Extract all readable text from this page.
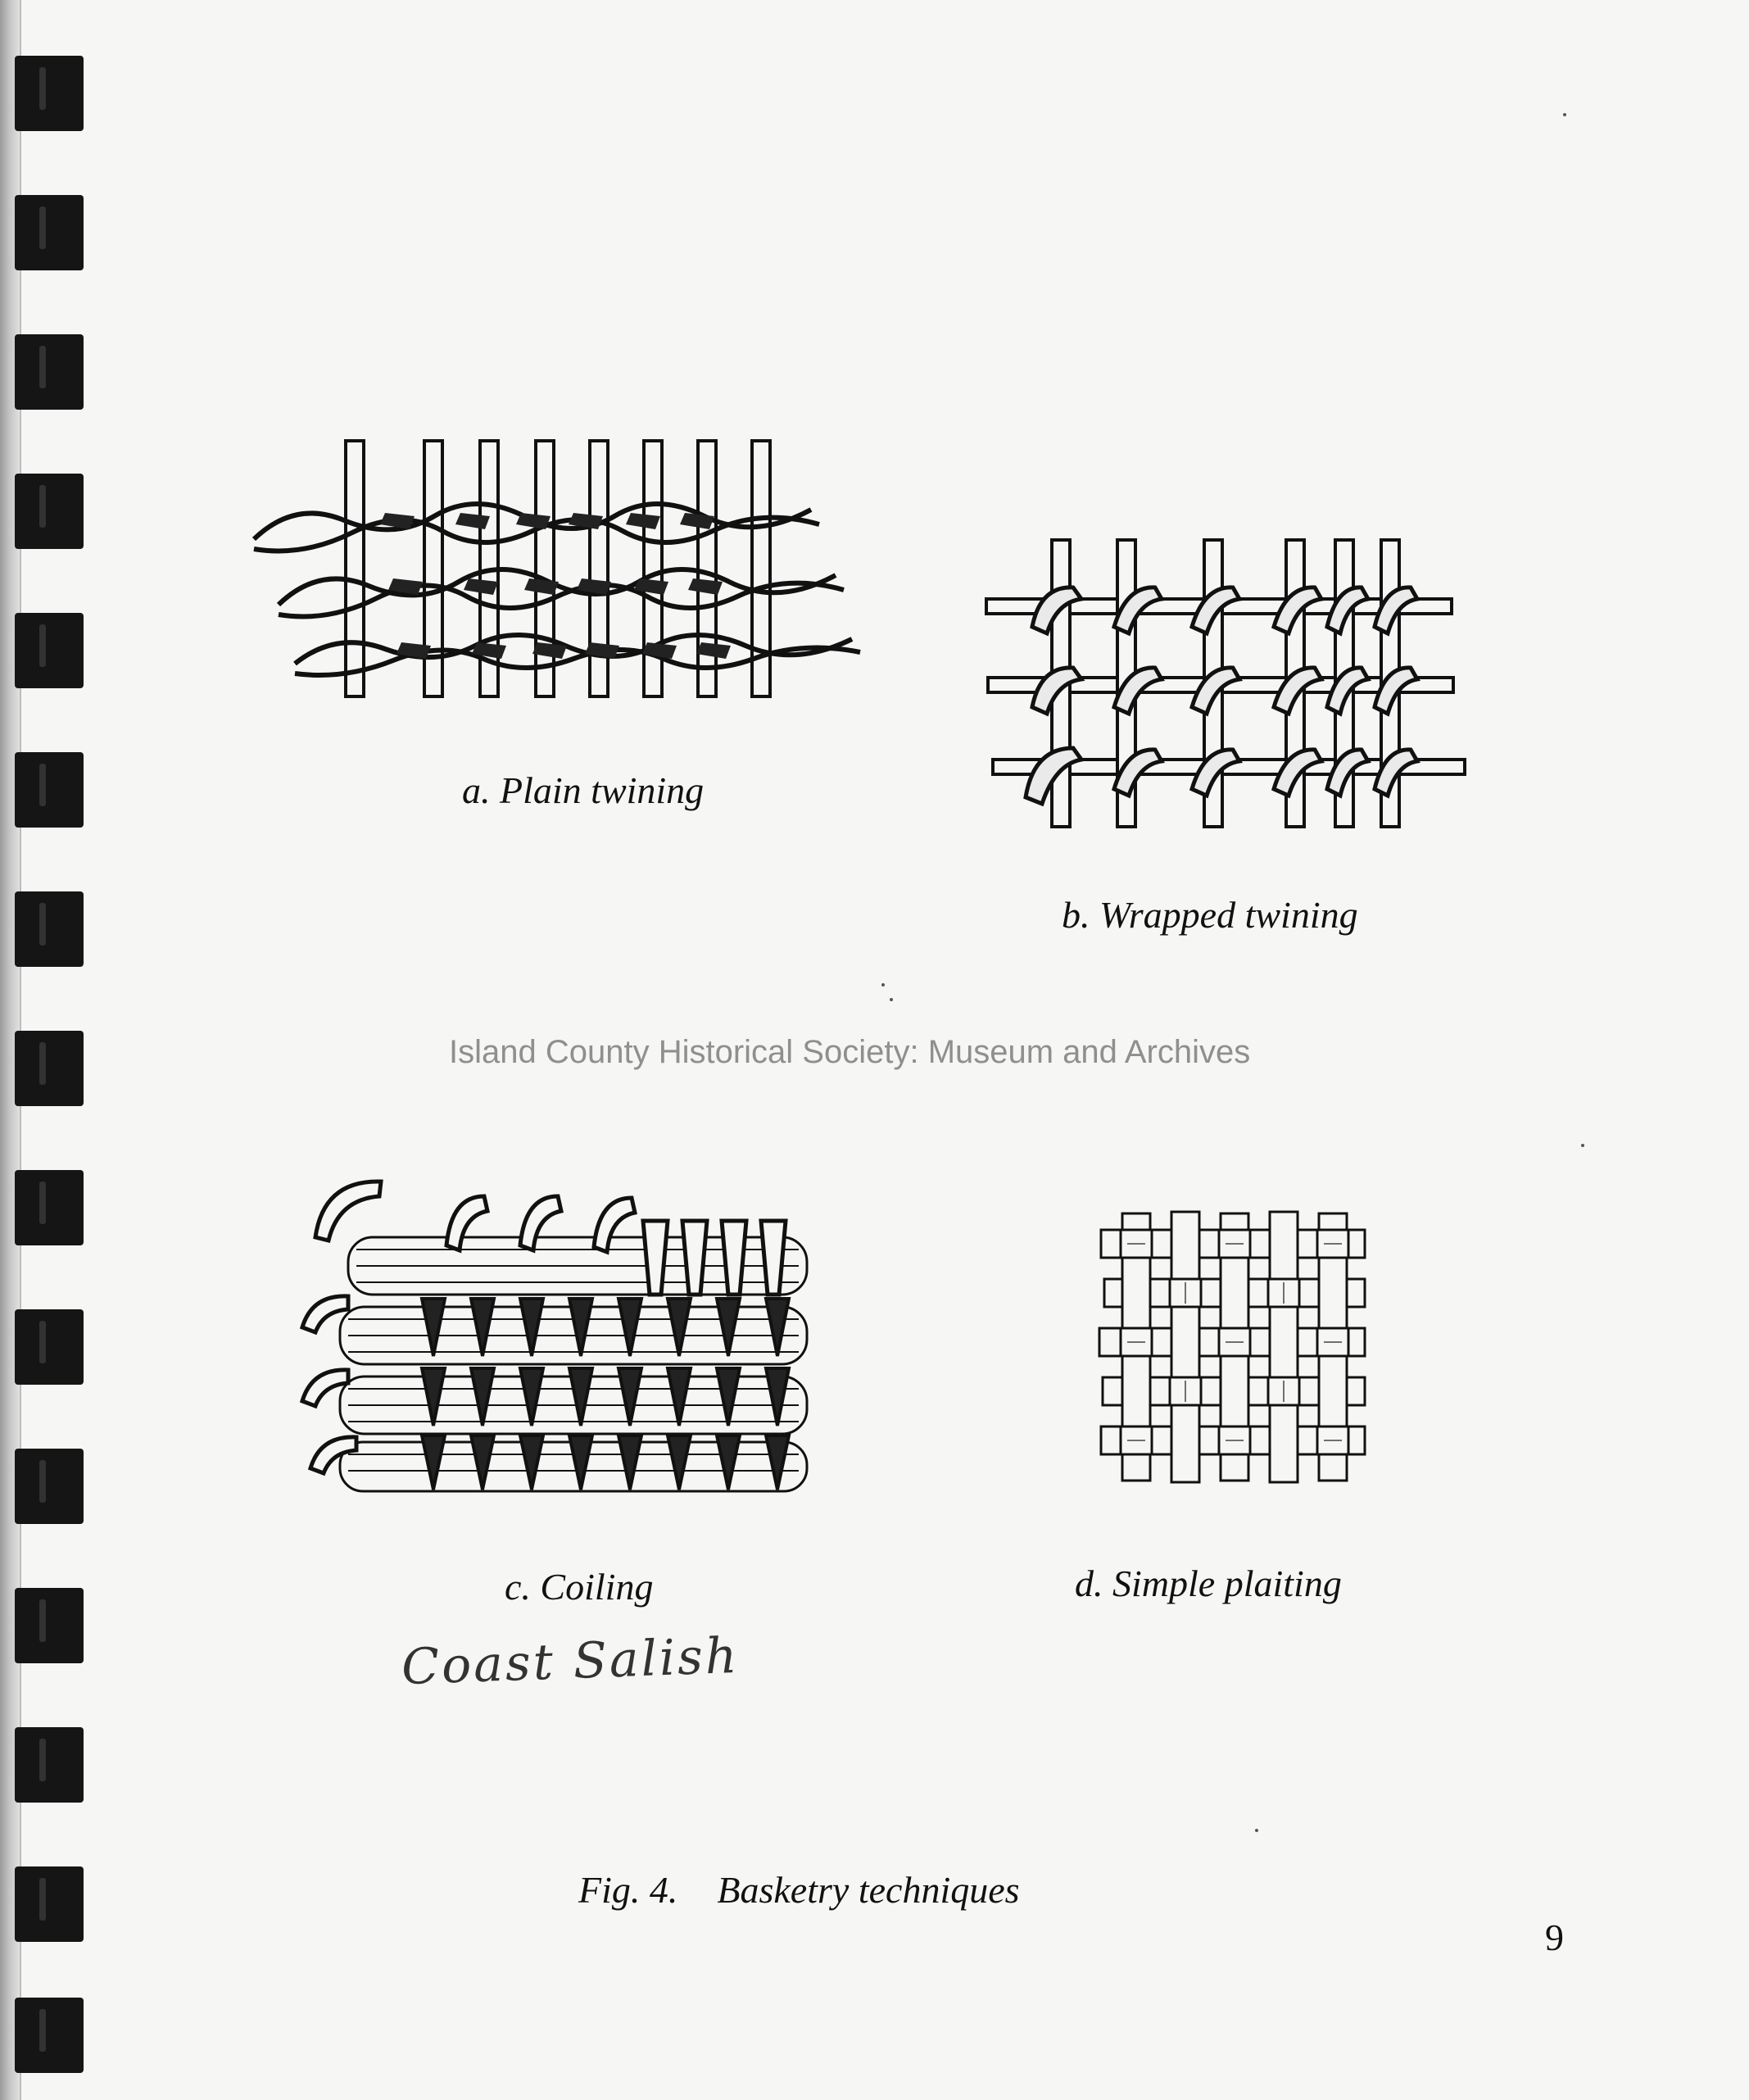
a. Plain twining
b. Wrapped twining
Island County Historical Society: Museum and Archives
c. Coiling
Coast Salish
d. Simple plaiting
Fig. 4. Basketry techniques
9
